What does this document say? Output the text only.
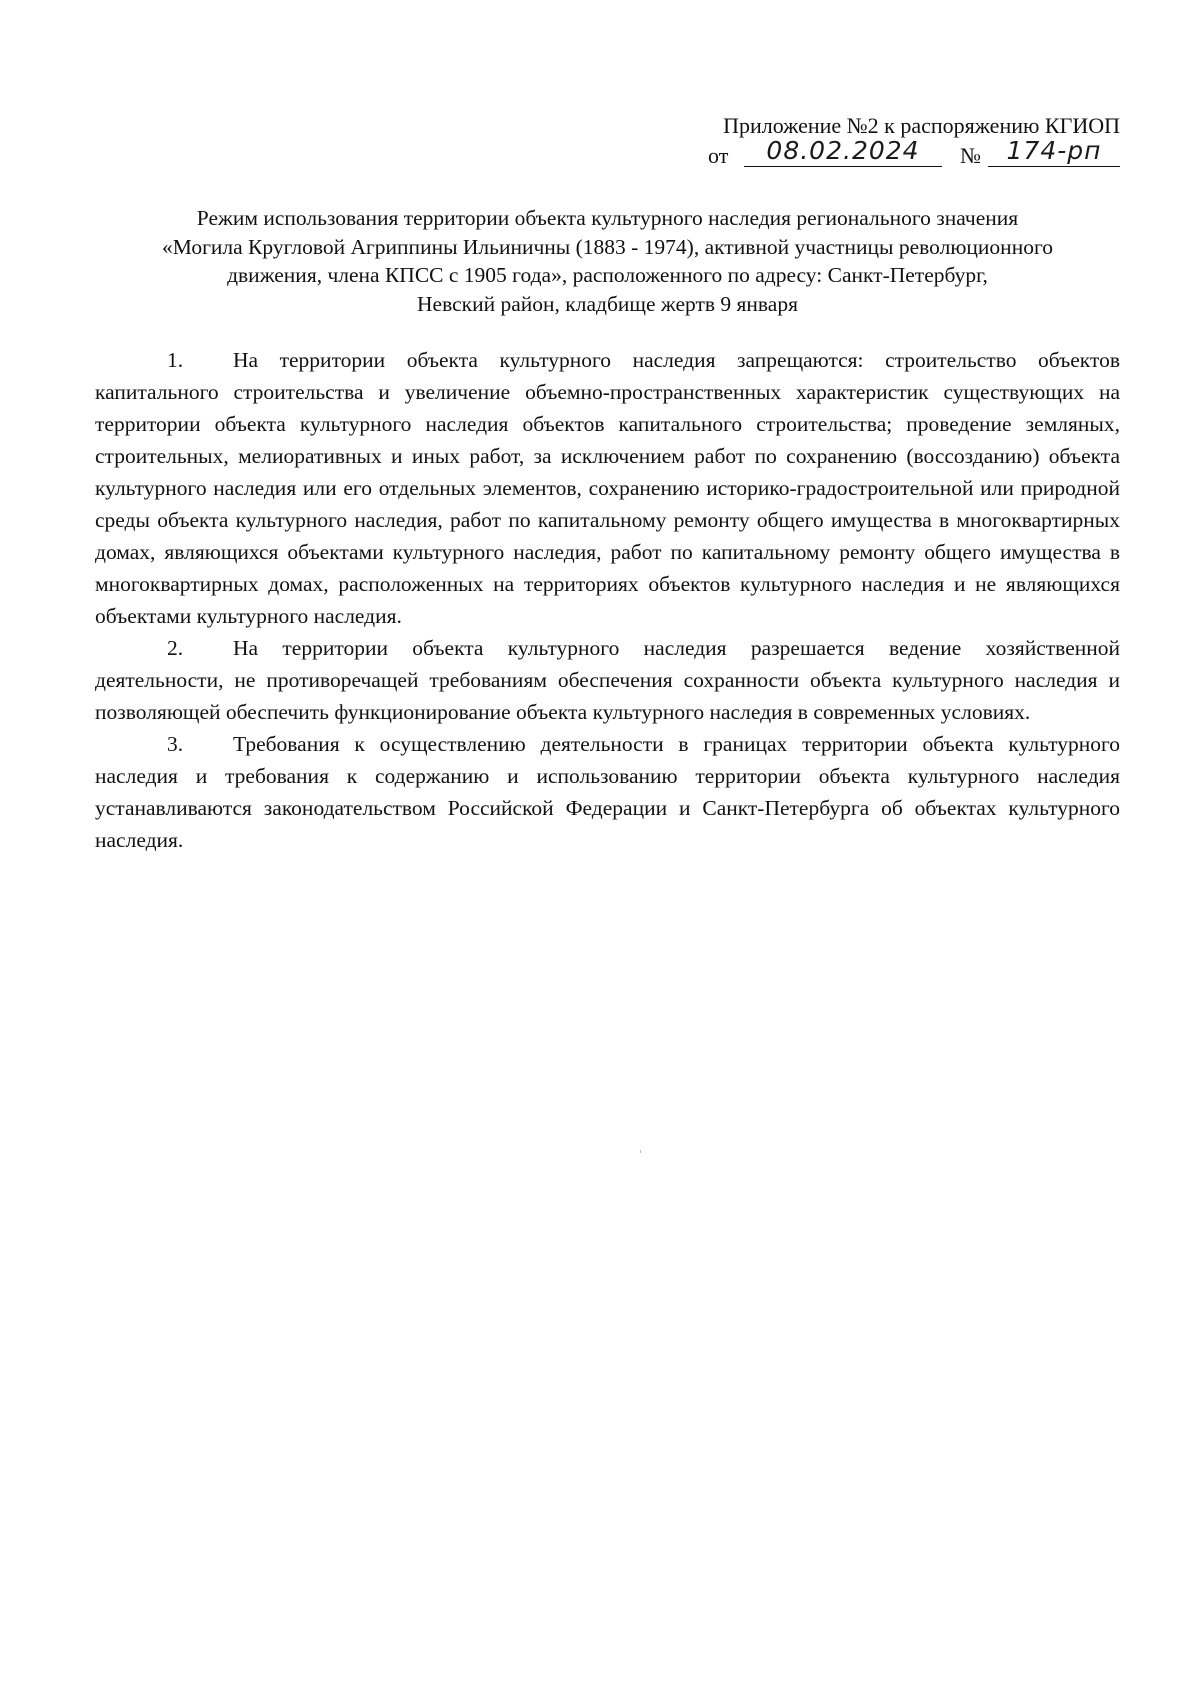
Приложение №2 к распоряжению КГИОП
от	08.02.2024	№	174-рп
Режим использования территории объекта культурного наследия регионального значения
«Могила Кругловой Агриппины Ильиничны (1883 - 1974), активной участницы революционного
движения, члена КПСС с 1905 года», расположенного по адресу: Санкт-Петербург,
Невский район, кладбище жертв 9 января

1. На территории объекта культурного наследия запрещаются: строительство объектов капитального строительства и увеличение объемно-пространственных характеристик существующих на территории объекта культурного наследия объектов капитального строительства; проведение земляных, строительных, мелиоративных и иных работ, за исключением работ по сохранению (воссозданию) объекта культурного наследия или его отдельных элементов, сохранению историко-градостроительной или природной среды объекта культурного наследия, работ по капитальному ремонту общего имущества в многоквартирных домах, являющихся объектами культурного наследия, работ по капитальному ремонту общего имущества в многоквартирных домах, расположенных на территориях объектов культурного наследия и не являющихся объектами культурного наследия.

2. На территории объекта культурного наследия разрешается ведение хозяйственной деятельности, не противоречащей требованиям обеспечения сохранности объекта культурного наследия и позволяющей обеспечить функционирование объекта культурного наследия в современных условиях.

3. Требования к осуществлению деятельности в границах территории объекта культурного наследия и требования к содержанию и использованию территории объекта культурного наследия устанавливаются законодательством Российской Федерации и Санкт-Петербурга об объектах культурного наследия.
